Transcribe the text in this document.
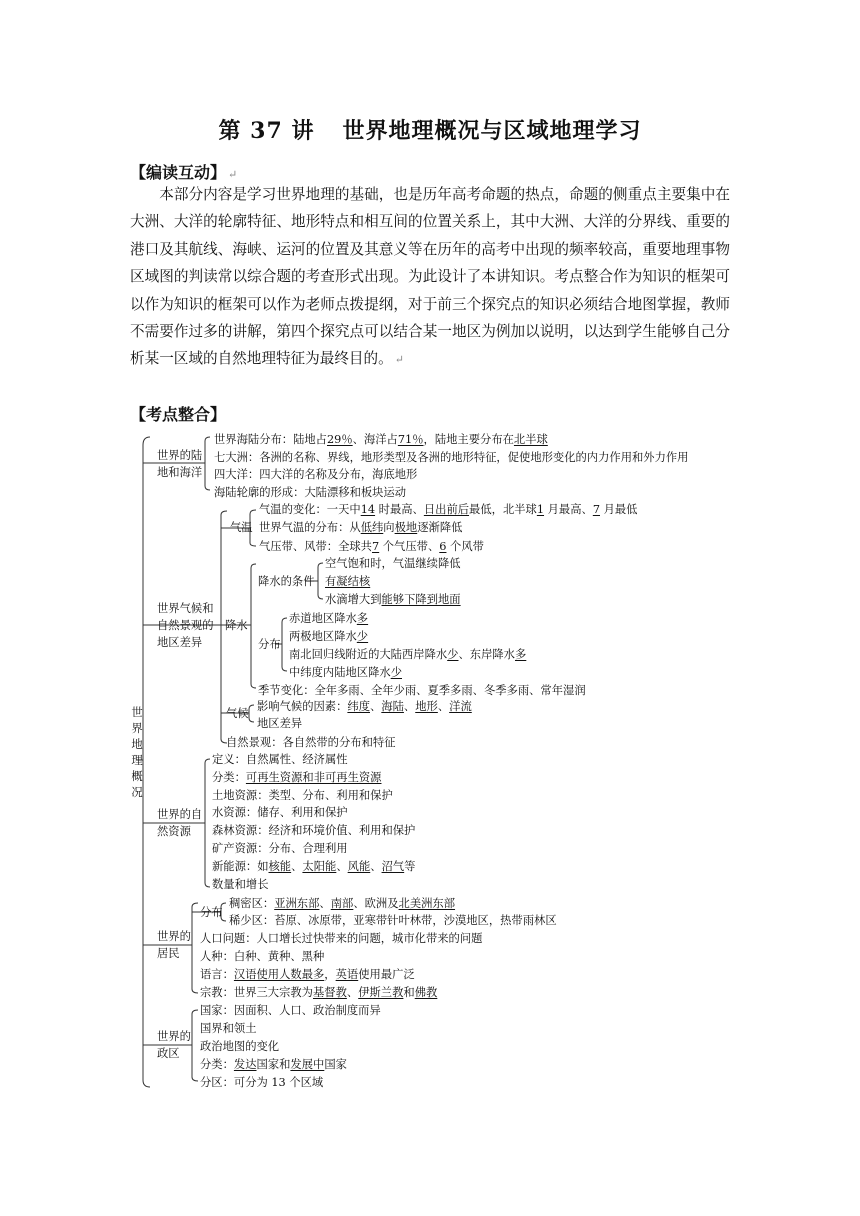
第 37 讲 世界地理概况与区域地理学习
【编读互动】 ↵
本部分内容是学习世界地理的基础，也是历年高考命题的热点，命题的侧重点主要集中在大洲、大洋的轮廓特征、地形特点和相互间的位置关系上，其中大洲、大洋的分界线、重要的港口及其航线、海峡、运河的位置及其意义等在历年的高考中出现的频率较高，重要地理事物区域图的判读常以综合题的考查形式出现。为此设计了本讲知识。考点整合作为知识的框架可以作为知识的框架可以作为老师点拨提纲，对于前三个探究点的知识必须结合地图掌握，教师不需要作过多的讲解，第四个探究点可以结合某一地区为例加以说明，以达到学生能够自己分析某一区域的自然地理特征为最终目的。 ↵
【考点整合】
世界地理概况
世界的陆地和海洋
世界海陆分布：陆地占29％、海洋占71％，陆地主要分布在北半球
七大洲：各洲的名称、界线，地形类型及各洲的地形特征，促使地形变化的内力作用和外力作用
四大洋：四大洋的名称及分布，海底地形
海陆轮廓的形成：大陆漂移和板块运动
世界气候和自然景观的地区差异
气温
气温的变化：一天中14 时最高、日出前后最低，北半球1 月最高、7 月最低
世界气温的分布：从低纬向极地逐渐降低
气压带、风带：全球共7 个气压带、6 个风带
降水
降水的条件
空气饱和时，气温继续降低
有凝结核
水滴增大到能够下降到地面
分布
赤道地区降水多
两极地区降水少
南北回归线附近的大陆西岸降水少、东岸降水多
中纬度内陆地区降水少
季节变化：全年多雨、全年少雨、夏季多雨、冬季多雨、常年湿润
气候
影响气候的因素：纬度、海陆、地形、洋流
地区差异
自然景观：各自然带的分布和特征
世界的自然资源
定义：自然属性、经济属性
分类：可再生资源和非可再生资源
土地资源：类型、分布、利用和保护
水资源：储存、利用和保护
森林资源：经济和环境价值、利用和保护
矿产资源：分布、合理利用
新能源：如核能、太阳能、风能、沼气等
数量和增长
世界的居民
分布
稠密区：亚洲东部、南部、欧洲及北美洲东部
稀少区：苔原、冰原带，亚寒带针叶林带，沙漠地区，热带雨林区
人口问题：人口增长过快带来的问题，城市化带来的问题
人种：白种、黄种、黑种
语言：汉语使用人数最多，英语使用最广泛
宗教：世界三大宗教为基督教、伊斯兰教和佛教
世界的政区
国家：因面积、人口、政治制度而异
国界和领土
政治地图的变化
分类：发达国家和发展中国家
分区：可分为 13 个区域
